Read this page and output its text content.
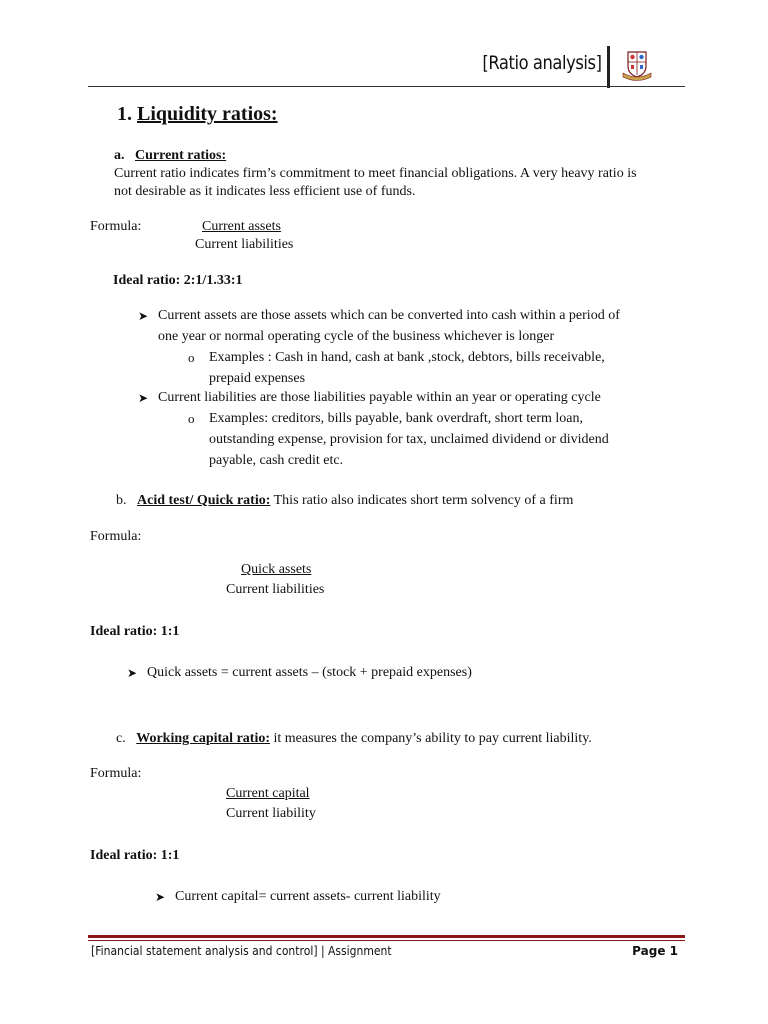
[Ratio analysis]
1. Liquidity ratios:
a. Current ratios:
Current ratio indicates firm’s commitment to meet financial obligations. A very heavy ratio is
not desirable as it indicates less efficient use of funds.
Formula:	Current assets
Current liabilities
Ideal ratio: 2:1/1.33:1
➤ Current assets are those assets which can be converted into cash within a period of
one year or normal operating cycle of the business whichever is longer
o Examples : Cash in hand, cash at bank ,stock, debtors, bills receivable,
prepaid expenses
➤ Current liabilities are those liabilities payable within an year or operating cycle
o Examples: creditors, bills payable, bank overdraft, short term loan,
outstanding expense, provision for tax, unclaimed dividend or dividend
payable, cash credit etc.
b. Acid test/ Quick ratio: This ratio also indicates short term solvency of a firm
Formula:
Quick assets
Current liabilities
Ideal ratio: 1:1
➤ Quick assets = current assets – (stock + prepaid expenses)
c. Working capital ratio: it measures the company’s ability to pay current liability.
Formula:
Current capital
Current liability
Ideal ratio: 1:1
➤ Current capital= current assets- current liability
[Financial statement analysis and control] | Assignment	Page 1
